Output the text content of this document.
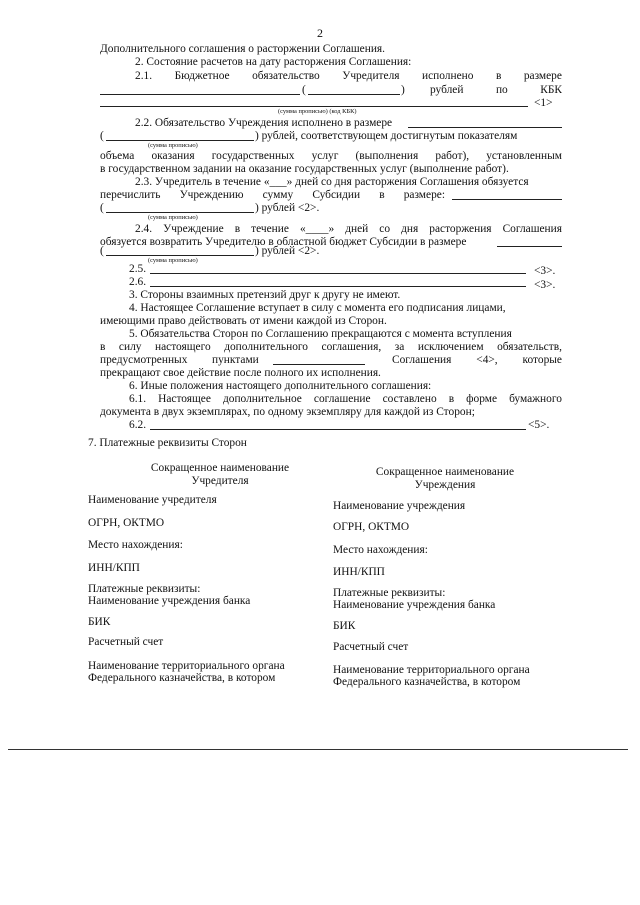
2
Дополнительного соглашения о расторжении Соглашения.
2. Состояние расчетов на дату расторжения Соглашения:
2.1. Бюджетное обязательство Учредителя исполнено в размере
(	) рублей	по	КБК
<1>
(сумма прописью) (код КБК)
2.2. Обязательство Учреждения исполнено в размере
(	) рублей, соответствующем достигнутым показателям
(сумма прописью)
объема оказания государственных услуг (выполнения работ), установленным
в государственном задании на оказание государственных услуг (выполнение работ).
2.3. Учредитель в течение «___» дней со дня расторжения Соглашения обязуется
перечислить Учреждению сумму Субсидии в размере:
(	) рублей <2>.
(сумма прописью)
2.4. Учреждение в течение «____» дней со дня расторжения Соглашения
обязуется возвратить Учредителю в областной бюджет Субсидии в размере
(	) рублей <2>.
(сумма прописью)
2.5.	<3>.
2.6.	<3>.
3. Стороны взаимных претензий друг к другу не имеют.
4. Настоящее Соглашение вступает в силу с момента его подписания лицами,
имеющими право действовать от имени каждой из Сторон.
5. Обязательства Сторон по Соглашению прекращаются с момента вступления
в силу настоящего дополнительного соглашения, за исключением обязательств,
предусмотренных пунктами	Соглашения <4>, которые
прекращают свое действие после полного их исполнения.
6. Иные положения настоящего дополнительного соглашения:
6.1. Настоящее дополнительное соглашение составлено в форме бумажного
документа в двух экземплярах, по одному экземпляру для каждой из Сторон;
6.2.	<5>.
7. Платежные реквизиты Сторон
Сокращенное наименование
Учредителя
Сокращенное наименование
Учреждения
Наименование учредителя
ОГРН, ОКТМО
Место нахождения:
ИНН/КПП
Платежные реквизиты:
Наименование учреждения банка
БИК
Расчетный счет
Наименование территориального органа
Федерального казначейства, в котором
Наименование учреждения
ОГРН, ОКТМО
Место нахождения:
ИНН/КПП
Платежные реквизиты:
Наименование учреждения банка
БИК
Расчетный счет
Наименование территориального органа
Федерального казначейства, в котором
